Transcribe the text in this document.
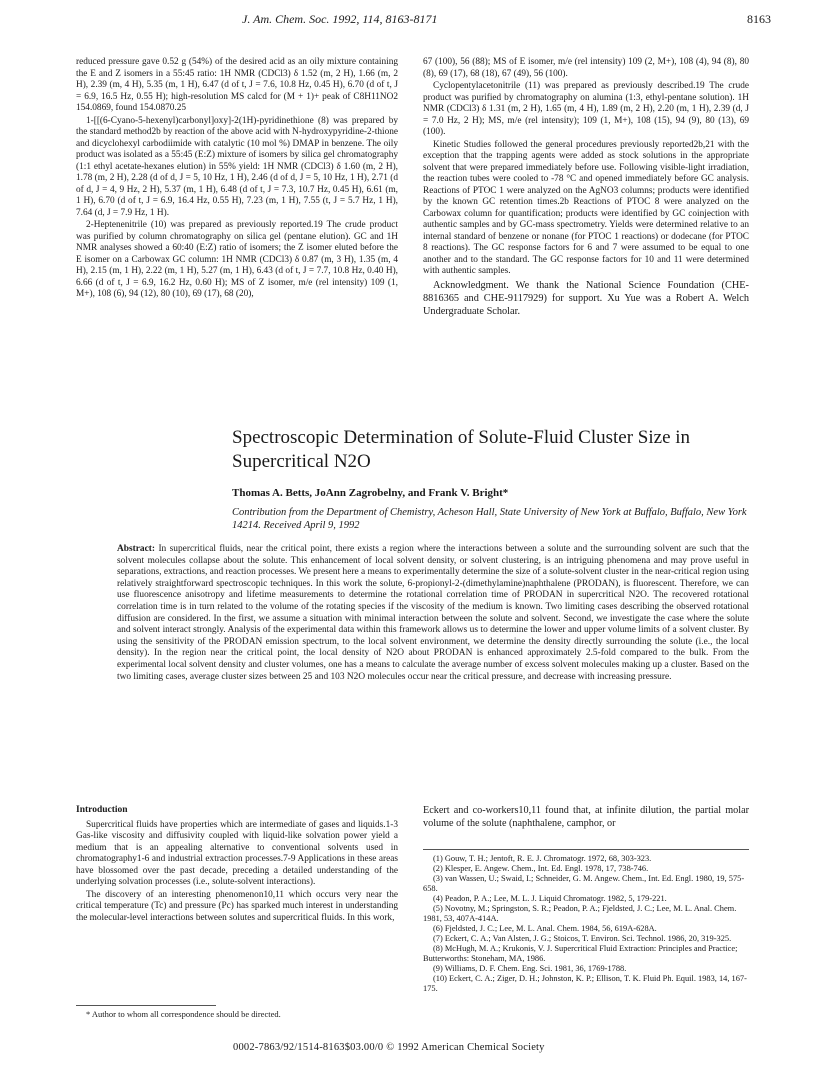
J. Am. Chem. Soc. 1992, 114, 8163-8171	8163

reduced pressure gave 0.52 g (54%) of the desired acid as an oily mixture containing the E and Z isomers in a 55:45 ratio: 1H NMR (CDCl3) δ 1.52 (m, 2 H), 1.66 (m, 2 H), 2.39 (m, 4 H), 5.35 (m, 1 H), 6.47 (d of t, J = 7.6, 10.8 Hz, 0.45 H), 6.70 (d of t, J = 6.9, 16.5 Hz, 0.55 H); high-resolution MS calcd for (M + 1)+ peak of C8H11NO2 154.0869, found 154.0870.25

1-[[(6-Cyano-5-hexenyl)carbonyl]oxy]-2(1H)-pyridinethione (8) was prepared by the standard method2b by reaction of the above acid with N-hydroxypyridine-2-thione and dicyclohexyl carbodiimide with catalytic (10 mol %) DMAP in benzene. The oily product was isolated as a 55:45 (E:Z) mixture of isomers by silica gel chromatography (1:1 ethyl acetate-hexanes elution) in 55% yield: 1H NMR (CDCl3) δ 1.60 (m, 2 H), 1.78 (m, 2 H), 2.28 (d of d, J = 5, 10 Hz, 1 H), 2.46 (d of d, J = 5, 10 Hz, 1 H), 2.71 (d of d, J = 4, 9 Hz, 2 H), 5.37 (m, 1 H), 6.48 (d of t, J = 7.3, 10.7 Hz, 0.45 H), 6.61 (m, 1 H), 6.70 (d of t, J = 6.9, 16.4 Hz, 0.55 H), 7.23 (m, 1 H), 7.55 (t, J = 5.7 Hz, 1 H), 7.64 (d, J = 7.9 Hz, 1 H).

2-Heptenenitrile (10) was prepared as previously reported.19 The crude product was purified by column chromatography on silica gel (pentane elution). GC and 1H NMR analyses showed a 60:40 (E:Z) ratio of isomers; the Z isomer eluted before the E isomer on a Carbowax GC column: 1H NMR (CDCl3) δ 0.87 (m, 3 H), 1.35 (m, 4 H), 2.15 (m, 1 H), 2.22 (m, 1 H), 5.27 (m, 1 H), 6.43 (d of t, J = 7.7, 10.8 Hz, 0.40 H), 6.66 (d of t, J = 6.9, 16.2 Hz, 0.60 H); MS of Z isomer, m/e (rel intensity) 109 (1, M+), 108 (6), 94 (12), 80 (10), 69 (17), 68 (20),

67 (100), 56 (88); MS of E isomer, m/e (rel intensity) 109 (2, M+), 108 (4), 94 (8), 80 (8), 69 (17), 68 (18), 67 (49), 56 (100).

Cyclopentylacetonitrile (11) was prepared as previously described.19 The crude product was purified by chromatography on alumina (1:3, ethyl-pentane solution). 1H NMR (CDCl3) δ 1.31 (m, 2 H), 1.65 (m, 4 H), 1.89 (m, 2 H), 2.20 (m, 1 H), 2.39 (d, J = 7.0 Hz, 2 H); MS, m/e (rel intensity); 109 (1, M+), 108 (15), 94 (9), 80 (13), 69 (100).

Kinetic Studies followed the general procedures previously reported2b,21 with the exception that the trapping agents were added as stock solutions in the appropriate solvent that were prepared immediately before use. Following visible-light irradiation, the reaction tubes were cooled to -78 °C and opened immediately before GC analysis. Reactions of PTOC 1 were analyzed on the AgNO3 columns; products were identified by the known GC retention times.2b Reactions of PTOC 8 were analyzed on the Carbowax column for quantification; products were identified by GC coinjection with authentic samples and by GC-mass spectrometry. Yields were determined relative to an internal standard of benzene or nonane (for PTOC 1 reactions) or dodecane (for PTOC 8 reactions). The GC response factors for 6 and 7 were assumed to be equal to one another and to the standard. The GC response factors for 10 and 11 were determined with authentic samples.

Acknowledgment. We thank the National Science Foundation (CHE-8816365 and CHE-9117929) for support. Xu Yue was a Robert A. Welch Undergraduate Scholar.

Spectroscopic Determination of Solute-Fluid Cluster Size in
Supercritical N2O
Thomas A. Betts, JoAnn Zagrobelny, and Frank V. Bright*
Contribution from the Department of Chemistry, Acheson Hall, State University of New York at Buffalo, Buffalo, New York 14214. Received April 9, 1992
Abstract: In supercritical fluids, near the critical point, there exists a region where the interactions between a solute and the surrounding solvent are such that the solvent molecules collapse about the solute. This enhancement of local solvent density, or solvent clustering, is an intriguing phenomena and may prove useful in separations, extractions, and reaction processes. We present here a means to experimentally determine the size of a solute-solvent cluster in the near-critical region using relatively straightforward spectroscopic techniques. In this work the solute, 6-propionyl-2-(dimethylamine)naphthalene (PRODAN), is fluorescent. Therefore, we can use fluorescence anisotropy and lifetime measurements to determine the rotational correlation time of PRODAN in supercritical N2O. The recovered rotational correlation time is in turn related to the volume of the rotating species if the viscosity of the medium is known. Two limiting cases describing the observed rotational diffusion are considered. In the first, we assume a situation with minimal interaction between the solute and solvent. Second, we investigate the case where the solute and solvent interact strongly. Analysis of the experimental data within this framework allows us to determine the lower and upper volume limits of a solvent cluster. By using the sensitivity of the PRODAN emission spectrum, to the local solvent environment, we determine the density directly surrounding the solute (i.e., the local density). In the region near the critical point, the local density of N2O about PRODAN is enhanced approximately 2.5-fold compared to the bulk. From the experimental local solvent density and cluster volumes, one has a means to calculate the average number of excess solvent molecules making up a cluster. Based on the two limiting cases, average cluster sizes between 25 and 103 N2O molecules occur near the critical pressure, and decrease with increasing pressure.
Introduction

Supercritical fluids have properties which are intermediate of gases and liquids.1-3 Gas-like viscosity and diffusivity coupled with liquid-like solvation power yield a medium that is an appealing alternative to conventional solvents used in chromatography1-6 and industrial extraction processes.7-9 Applications in these areas have blossomed over the past decade, preceding a detailed understanding of the underlying solvation processes (i.e., solute-solvent interactions).

The discovery of an interesting phenomenon10,11 which occurs very near the critical temperature (Tc) and pressure (Pc) has sparked much interest in understanding the molecular-level interactions between solutes and supercritical fluids. In this work,

Eckert and co-workers10,11 found that, at infinite dilution, the partial molar volume of the solute (naphthalene, camphor, or
(1) Gouw, T. H.; Jentoft, R. E. J. Chromatogr. 1972, 68, 303-323.
(2) Klesper, E. Angew. Chem., Int. Ed. Engl. 1978, 17, 738-746.
(3) van Wassen, U.; Swaid, I.; Schneider, G. M. Angew. Chem., Int. Ed. Engl. 1980, 19, 575-658.
(4) Peadon, P. A.; Lee, M. L. J. Liquid Chromatogr. 1982, 5, 179-221.
(5) Novotny, M.; Springston, S. R.; Peadon, P. A.; Fjeldsted, J. C.; Lee, M. L. Anal. Chem. 1981, 53, 407A-414A.
(6) Fjeldsted, J. C.; Lee, M. L. Anal. Chem. 1984, 56, 619A-628A.
(7) Eckert, C. A.; Van Alsten, J. G.; Stoicos, T. Environ. Sci. Technol. 1986, 20, 319-325.
(8) McHugh, M. A.; Krukonis, V. J. Supercritical Fluid Extraction: Principles and Practice; Butterworths: Stoneham, MA, 1986.
(9) Williams, D. F. Chem. Eng. Sci. 1981, 36, 1769-1788.
(10) Eckert, C. A.; Ziger, D. H.; Johnston, K. P.; Ellison, T. K. Fluid Ph. Equil. 1983, 14, 167-175.
* Author to whom all correspondence should be directed.
0002-7863/92/1514-8163$03.00/0 © 1992 American Chemical Society
